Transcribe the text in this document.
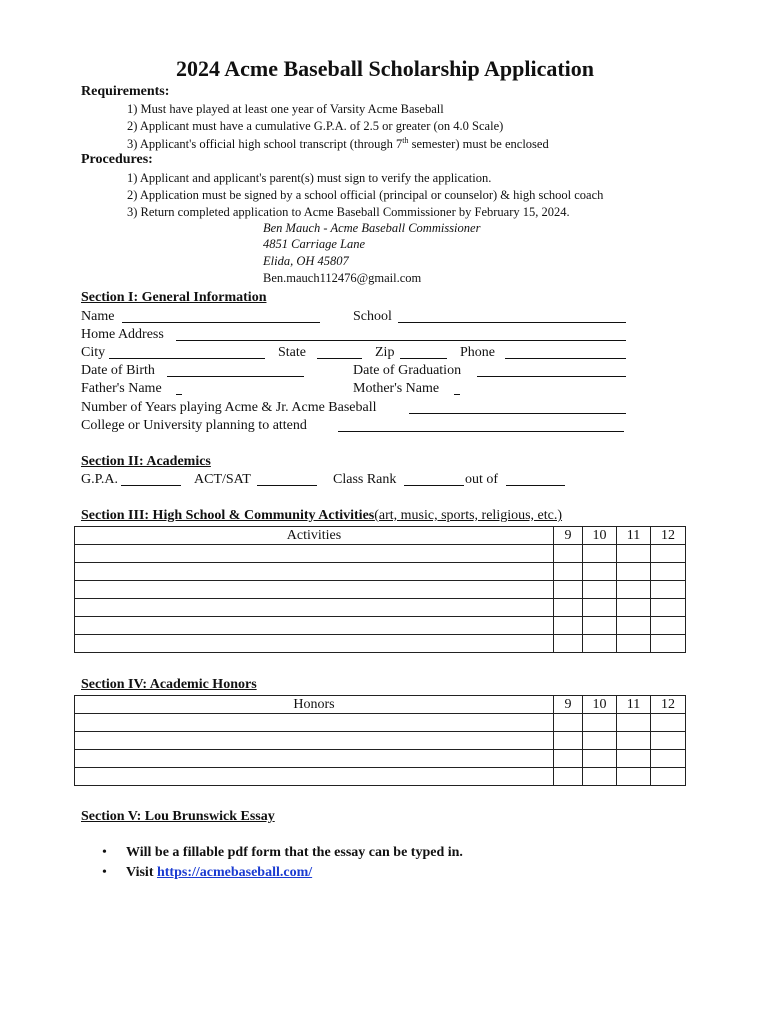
2024 Acme Baseball Scholarship Application
Requirements:
1) Must have played at least one year of Varsity Acme Baseball
2) Applicant must have a cumulative G.P.A. of 2.5 or greater (on 4.0 Scale)
3) Applicant's official high school transcript (through 7th semester) must be enclosed
Procedures:
1) Applicant and applicant's parent(s) must sign to verify the application.
2) Application must be signed by a school official (principal or counselor) & high school coach
3) Return completed application to Acme Baseball Commissioner by February 15, 2024.
Ben Mauch - Acme Baseball Commissioner
4851 Carriage Lane
Elida, OH 45807
Ben.mauch112476@gmail.com
Section I: General Information
Name	School
Home Address
City	State	Zip	Phone
Date of Birth	Date of Graduation
Father's Name	Mother's Name
Number of Years playing Acme & Jr. Acme Baseball
College or University planning to attend
Section II: Academics
G.P.A.	ACT/SAT	Class Rank	out of
Section III: High School & Community Activities(art, music, sports, religious, etc.)
Activities	9	10	11	12

Section IV: Academic Honors
Honors	9	10	11	12

Section V: Lou Brunswick Essay
• Will be a fillable pdf form that the essay can be typed in.
• Visit https://acmebaseball.com/
